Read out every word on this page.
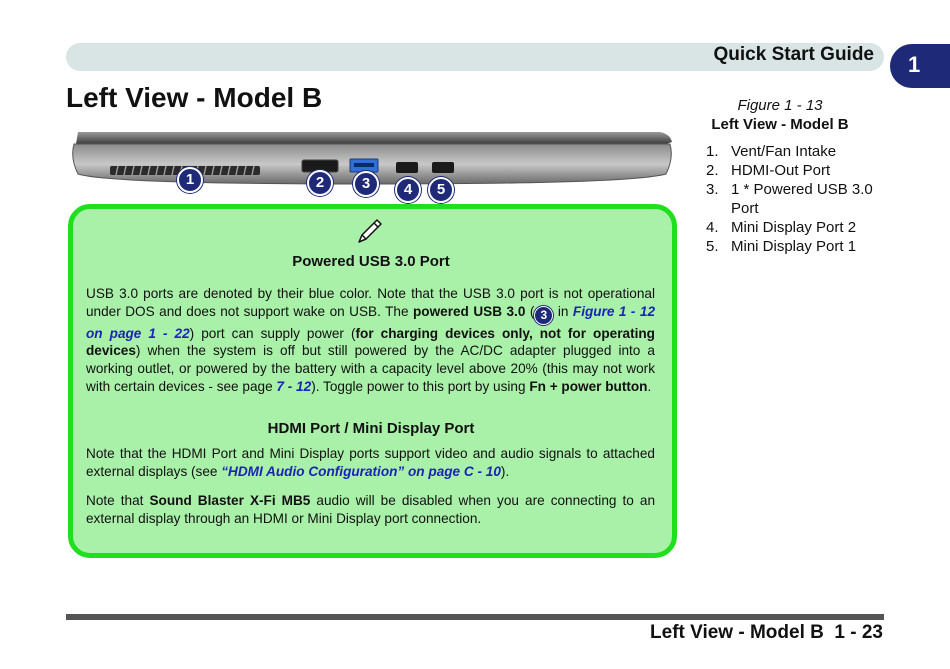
Quick Start Guide 1
Left View - Model B
1	2	3	4	5
Figure 1 - 13
Left View - Model B
1. Vent/Fan Intake
2. HDMI-Out Port
3. 1 * Powered USB 3.0 Port
4. Mini Display Port 2
5. Mini Display Port 1
Powered USB 3.0 Port

USB 3.0 ports are denoted by their blue color. Note that the USB 3.0 port is not operational under DOS and does not support wake on USB. The powered USB 3.0 ( 3 in Figure 1 - 12 on page 1 - 22) port can supply power (for charging devices only, not for operating devices) when the system is off but still powered by the AC/DC adapter plugged into a working outlet, or powered by the battery with a capacity level above 20% (this may not work with certain devices - see page 7 - 12). Toggle power to this port by using Fn + power button.

HDMI Port / Mini Display Port

Note that the HDMI Port and Mini Display ports support video and audio signals to attached external displays (see “HDMI Audio Configuration” on page C - 10).

Note that Sound Blaster X-Fi MB5 audio will be disabled when you are connecting to an external display through an HDMI or Mini Display port connection.

Left View - Model B  1 - 23
